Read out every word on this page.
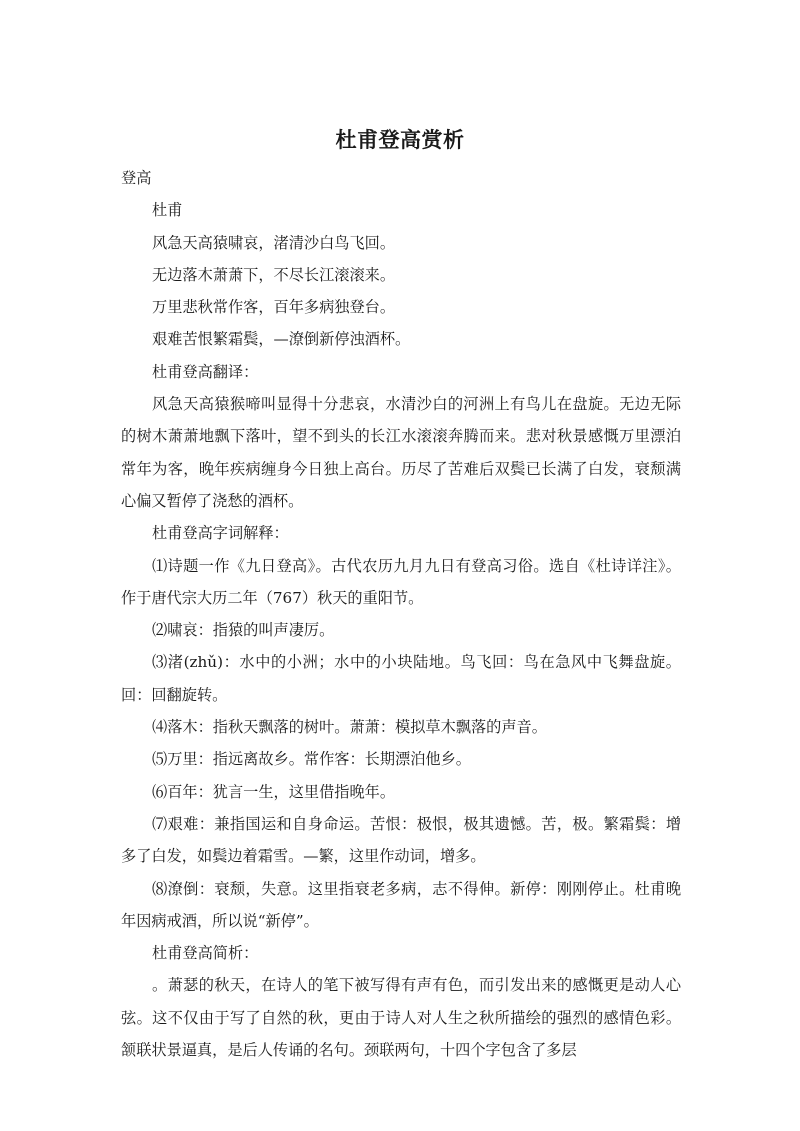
杜甫登高赏析
登高
杜甫
风急天高猿啸哀，渚清沙白鸟飞回。
无边落木萧萧下，不尽长江滚滚来。
万里悲秋常作客，百年多病独登台。
艰难苦恨繁霜鬓，—潦倒新停浊酒杯。
杜甫登高翻译：
风急天高猿猴啼叫显得十分悲哀，水清沙白的河洲上有鸟儿在盘旋。无边无际的树木萧萧地飘下落叶，望不到头的长江水滚滚奔腾而来。悲对秋景感慨万里漂泊常年为客，晚年疾病缠身今日独上高台。历尽了苦难后双鬓已长满了白发，衰颓满心偏又暂停了浇愁的酒杯。
杜甫登高字词解释：
⑴诗题一作《九日登高》。古代农历九月九日有登高习俗。选自《杜诗详注》。作于唐代宗大历二年（767）秋天的重阳节。
⑵啸哀：指猿的叫声凄厉。
⑶渚(zhǔ)：水中的小洲；水中的小块陆地。鸟飞回：鸟在急风中飞舞盘旋。回：回翻旋转。
⑷落木：指秋天飘落的树叶。萧萧：模拟草木飘落的声音。
⑸万里：指远离故乡。常作客：长期漂泊他乡。
⑹百年：犹言一生，这里借指晚年。
⑺艰难：兼指国运和自身命运。苦恨：极恨，极其遗憾。苦，极。繁霜鬓：增多了白发，如鬓边着霜雪。—繁，这里作动词，增多。
⑻潦倒：衰颓，失意。这里指衰老多病，志不得伸。新停：刚刚停止。杜甫晚年因病戒酒，所以说“新停”。
杜甫登高简析：
。萧瑟的秋天，在诗人的笔下被写得有声有色，而引发出来的感慨更是动人心弦。这不仅由于写了自然的秋，更由于诗人对人生之秋所描绘的强烈的感情色彩。颔联状景逼真，是后人传诵的名句。颈联两句，十四个字包含了多层
